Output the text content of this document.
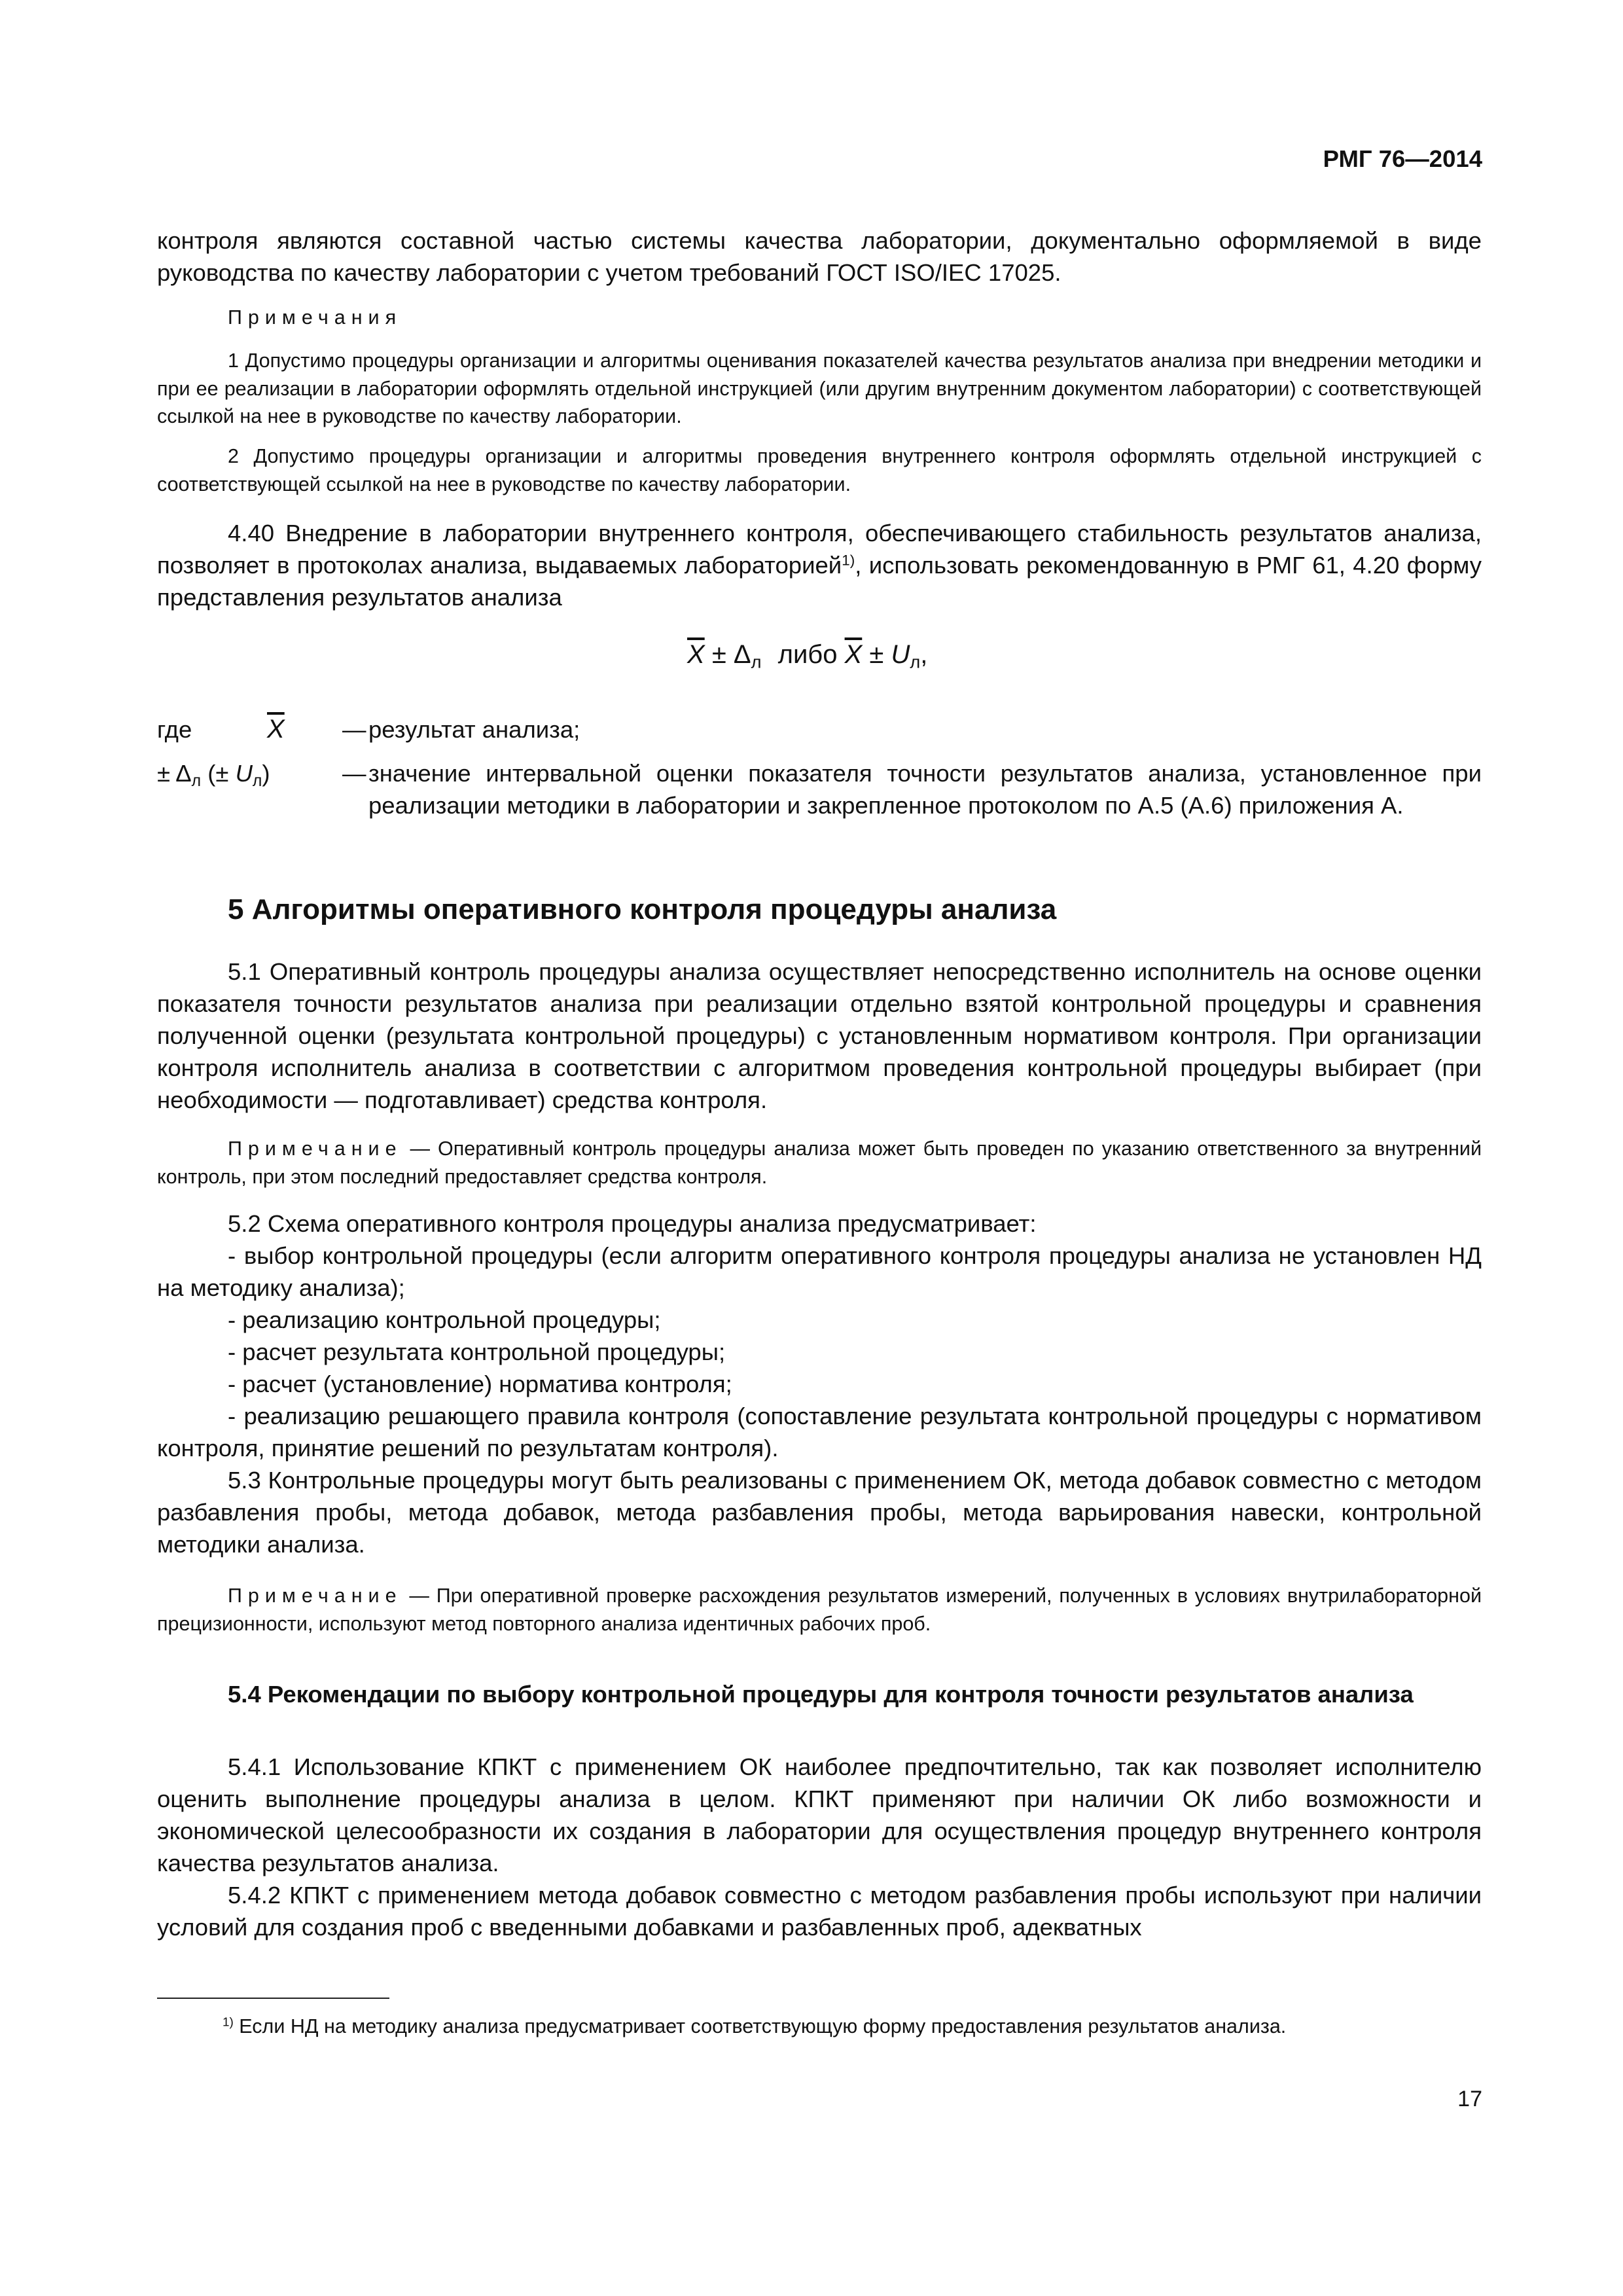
РМГ 76—2014

контроля являются составной частью системы качества лаборатории, документально оформляемой в виде руководства по качеству лаборатории с учетом требований ГОСТ ISO/IEC 17025.

Примечания

1 Допустимо процедуры организации и алгоритмы оценивания показателей качества результатов анализа при внедрении методики и при ее реализации в лаборатории оформлять отдельной инструкцией (или другим внутренним документом лаборатории) с соответствующей ссылкой на нее в руководстве по качеству лаборатории.

2 Допустимо процедуры организации и алгоритмы проведения внутреннего контроля оформлять отдельной инструкцией с соответствующей ссылкой на нее в руководстве по качеству лаборатории.

4.40 Внедрение в лаборатории внутреннего контроля, обеспечивающего стабильность результатов анализа, позволяет в протоколах анализа, выдаваемых лабораторией$^{1)}$, использовать рекомендованную в РМГ 61, 4.20 форму представления результатов анализа

$\overline{X} \pm \Delta_л$ либо $\overline{X} \pm U_л$,
где	$\overline{X}$ — результат анализа;
± $\Delta_л$ (± $U_л$)	— значение интервальной оценки показателя точности результатов анализа, установленное при реализации методики в лаборатории и закрепленное протоколом по А.5 (А.6) приложения А.

5 Алгоритмы оперативного контроля процедуры анализа

5.1 Оперативный контроль процедуры анализа осуществляет непосредственно исполнитель на основе оценки показателя точности результатов анализа при реализации отдельно взятой контрольной процедуры и сравнения полученной оценки (результата контрольной процедуры) с установленным нормативом контроля. При организации контроля исполнитель анализа в соответствии с алгоритмом проведения контрольной процедуры выбирает (при необходимости — подготавливает) средства контроля.

Примечание — Оперативный контроль процедуры анализа может быть проведен по указанию ответственного за внутренний контроль, при этом последний предоставляет средства контроля.

5.2 Схема оперативного контроля процедуры анализа предусматривает:

- выбор контрольной процедуры (если алгоритм оперативного контроля процедуры анализа не установлен НД на методику анализа);

- реализацию контрольной процедуры;

- расчет результата контрольной процедуры;

- расчет (установление) норматива контроля;

- реализацию решающего правила контроля (сопоставление результата контрольной процедуры с нормативом контроля, принятие решений по результатам контроля).

5.3 Контрольные процедуры могут быть реализованы с применением ОК, метода добавок совместно с методом разбавления пробы, метода добавок, метода разбавления пробы, метода варьирования навески, контрольной методики анализа.

Примечание — При оперативной проверке расхождения результатов измерений, полученных в условиях внутрилабораторной прецизионности, используют метод повторного анализа идентичных рабочих проб.

5.4 Рекомендации по выбору контрольной процедуры для контроля точности результатов анализа

5.4.1 Использование КПКТ с применением ОК наиболее предпочтительно, так как позволяет исполнителю оценить выполнение процедуры анализа в целом. КПКТ применяют при наличии ОК либо возможности и экономической целесообразности их создания в лаборатории для осуществления процедур внутреннего контроля качества результатов анализа.

5.4.2 КПКТ с применением метода добавок совместно с методом разбавления пробы используют при наличии условий для создания проб с введенными добавками и разбавленных проб, адекватных

$^{1)}$ Если НД на методику анализа предусматривает соответствующую форму предоставления результатов анализа.

17
